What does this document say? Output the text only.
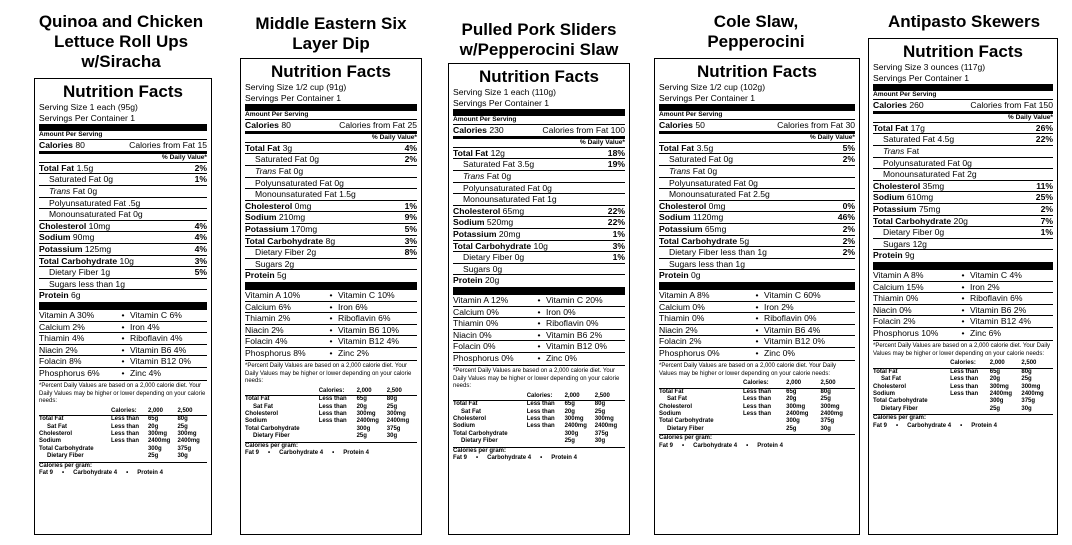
Quinoa and Chicken
Lettuce Roll Ups
w/Siracha
Middle Eastern Six
Layer Dip
Pulled Pork Sliders
w/Pepperocini Slaw
Cole Slaw,
Pepperocini
Antipasto Skewers
Nutrition Facts
Serving Size 1 each (95g)
Servings Per Container 1
Amount Per Serving
Calories 80	Calories from Fat 15
% Daily Value*
Total Fat 1.5g	2%
Saturated Fat 0g	1%
Trans Fat 0g
Polyunsaturated Fat .5g
Monounsaturated Fat 0g
Cholesterol 10mg	4%
Sodium 90mg	4%
Potassium 125mg	4%
Total Carbohydrate 10g	3%
Dietary Fiber 1g	5%
Sugars less than 1g
Protein 6g
Vitamin A 30%	• Vitamin C 6%
Calcium 2%	• Iron 4%
Thiamin 4%	• Riboflavin 4%
Niacin 2%	• Vitamin B6 4%
Folacin 8%	• Vitamin B12 0%
Phosphorus 6%	• Zinc 4%
*Percent Daily Values are based on a 2,000 calorie diet. Your Daily Values may be higher or lower depending on your calorie needs:
	Calories:	2,000	2,500
Total Fat	Less than	65g	80g
Sat Fat	Less than	20g	25g
Cholesterol	Less than	300mg	300mg
Sodium	Less than	2400mg	2400mg
Total Carbohydrate		300g	375g
Dietary Fiber		25g	30g
Calories per gram:
Fat 9 • Carbohydrate 4 • Protein 4
Nutrition Facts
Serving Size 1/2 cup (91g)
Servings Per Container 1
Amount Per Serving
Calories 80	Calories from Fat 25
% Daily Value*
Total Fat 3g	4%
Saturated Fat 0g	2%
Trans Fat 0g
Polyunsaturated Fat 0g
Monounsaturated Fat 1.5g
Cholesterol 0mg	1%
Sodium 210mg	9%
Potassium 170mg	5%
Total Carbohydrate 8g	3%
Dietary Fiber 2g	8%
Sugars 2g
Protein 5g
Vitamin A 10%	• Vitamin C 10%
Calcium 6%	• Iron 6%
Thiamin 2%	• Riboflavin 6%
Niacin 2%	• Vitamin B6 10%
Folacin 4%	• Vitamin B12 4%
Phosphorus 8%	• Zinc 2%
*Percent Daily Values are based on a 2,000 calorie diet. Your Daily Values may be higher or lower depending on your calorie needs:
	Calories:	2,000	2,500
Total Fat	Less than	65g	80g
Sat Fat	Less than	20g	25g
Cholesterol	Less than	300mg	300mg
Sodium	Less than	2400mg	2400mg
Total Carbohydrate		300g	375g
Dietary Fiber		25g	30g
Calories per gram:
Fat 9 • Carbohydrate 4 • Protein 4
Nutrition Facts
Serving Size 1 each (110g)
Servings Per Container 1
Amount Per Serving
Calories 230	Calories from Fat 100
% Daily Value*
Total Fat 12g	18%
Saturated Fat 3.5g	19%
Trans Fat 0g
Polyunsaturated Fat 0g
Monounsaturated Fat 1g
Cholesterol 65mg	22%
Sodium 520mg	22%
Potassium 20mg	1%
Total Carbohydrate 10g	3%
Dietary Fiber 0g	1%
Sugars 0g
Protein 20g
Vitamin A 12%	• Vitamin C 20%
Calcium 0%	• Iron 0%
Thiamin 0%	• Riboflavin 0%
Niacin 0%	• Vitamin B6 2%
Folacin 0%	• Vitamin B12 0%
Phosphorus 0%	• Zinc 0%
*Percent Daily Values are based on a 2,000 calorie diet. Your Daily Values may be higher or lower depending on your calorie needs:
	Calories:	2,000	2,500
Total Fat	Less than	65g	80g
Sat Fat	Less than	20g	25g
Cholesterol	Less than	300mg	300mg
Sodium	Less than	2400mg	2400mg
Total Carbohydrate		300g	375g
Dietary Fiber		25g	30g
Calories per gram:
Fat 9 • Carbohydrate 4 • Protein 4
Nutrition Facts
Serving Size 1/2 cup (102g)
Servings Per Container 1
Amount Per Serving
Calories 50	Calories from Fat 30
% Daily Value*
Total Fat 3.5g	5%
Saturated Fat 0g	2%
Trans Fat 0g
Polyunsaturated Fat 0g
Monounsaturated Fat 2.5g
Cholesterol 0mg	0%
Sodium 1120mg	46%
Potassium 65mg	2%
Total Carbohydrate 5g	2%
Dietary Fiber less than 1g	2%
Sugars less than 1g
Protein 0g
Vitamin A 8%	• Vitamin C 60%
Calcium 0%	• Iron 2%
Thiamin 0%	• Riboflavin 0%
Niacin 2%	• Vitamin B6 4%
Folacin 2%	• Vitamin B12 0%
Phosphorus 0%	• Zinc 0%
*Percent Daily Values are based on a 2,000 calorie diet. Your Daily Values may be higher or lower depending on your calorie needs:
	Calories:	2,000	2,500
Total Fat	Less than	65g	80g
Sat Fat	Less than	20g	25g
Cholesterol	Less than	300mg	300mg
Sodium	Less than	2400mg	2400mg
Total Carbohydrate		300g	375g
Dietary Fiber		25g	30g
Calories per gram:
Fat 9 • Carbohydrate 4 • Protein 4
Nutrition Facts
Serving Size 3 ounces (117g)
Servings Per Container 1
Amount Per Serving
Calories 260	Calories from Fat 150
% Daily Value*
Total Fat 17g	26%
Saturated Fat 4.5g	22%
Trans Fat
Polyunsaturated Fat 0g
Monounsaturated Fat 2g
Cholesterol 35mg	11%
Sodium 610mg	25%
Potassium 75mg	2%
Total Carbohydrate 20g	7%
Dietary Fiber 0g	1%
Sugars 12g
Protein 9g
Vitamin A 8%	• Vitamin C 4%
Calcium 15%	• Iron 2%
Thiamin 0%	• Riboflavin 6%
Niacin 0%	• Vitamin B6 2%
Folacin 2%	• Vitamin B12 4%
Phosphorus 10%	• Zinc 6%
*Percent Daily Values are based on a 2,000 calorie diet. Your Daily Values may be higher or lower depending on your calorie needs:
	Calories:	2,000	2,500
Total Fat	Less than	65g	80g
Sat Fat	Less than	20g	25g
Cholesterol	Less than	300mg	300mg
Sodium	Less than	2400mg	2400mg
Total Carbohydrate		300g	375g
Dietary Fiber		25g	30g
Calories per gram:
Fat 9 • Carbohydrate 4 • Protein 4
